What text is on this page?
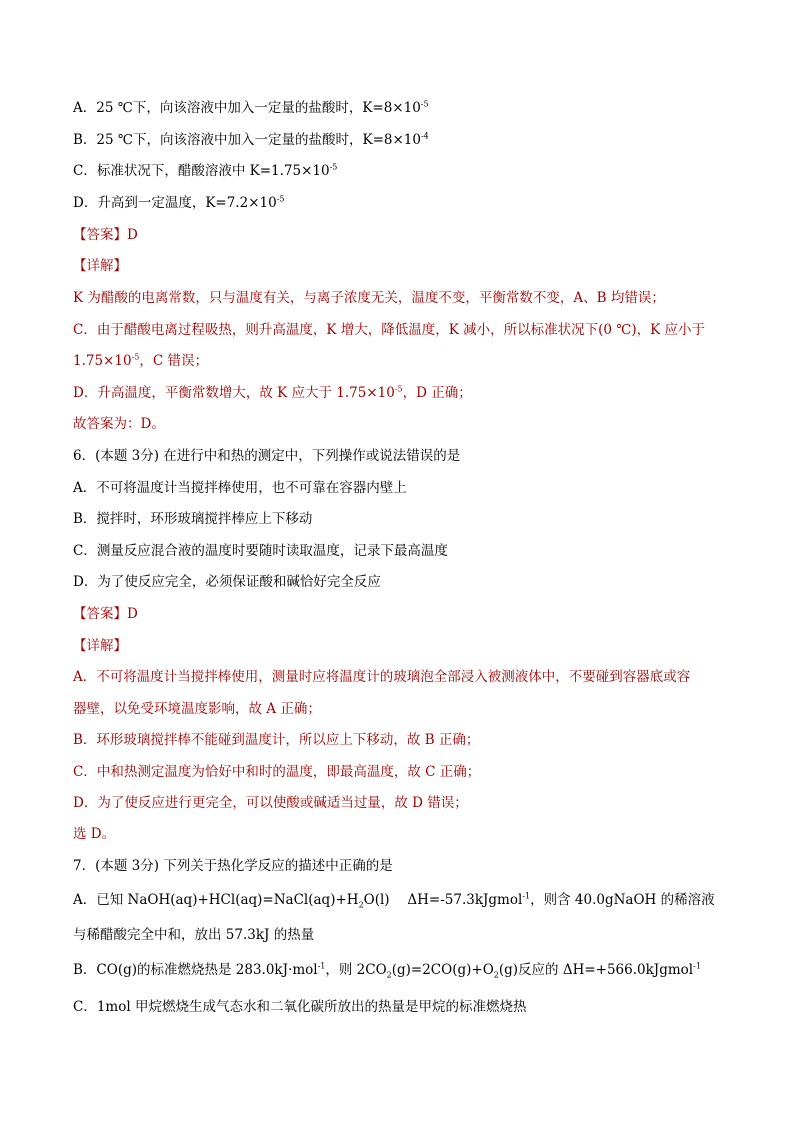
A．25 ℃下，向该溶液中加入一定量的盐酸时，$K=8\times 10^{-5}$
B．25 ℃下，向该溶液中加入一定量的盐酸时，$K=8\times 10^{-4}$
C．标准状况下，醋酸溶液中 $K=1.75\times 10^{-5}$
D．升高到一定温度，$K=7.2\times 10^{-5}$
【答案】D
【详解】
K 为醋酸的电离常数，只与温度有关，与离子浓度无关，温度不变，平衡常数不变，A、B 均错误；
C．由于醋酸电离过程吸热，则升高温度，K 增大，降低温度，K 减小，所以标准状况下(0 ℃)，K 应小于
$1.75\times 10^{-5}$，C 错误；
D．升高温度，平衡常数增大，故 K 应大于 $1.75\times 10^{-5}$，D 正确；
故答案为：D。
6．(本题 3分) 在进行中和热的测定中，下列操作或说法错误的是
A．不可将温度计当搅拌棒使用，也不可靠在容器内壁上
B．搅拌时，环形玻璃搅拌棒应上下移动
C．测量反应混合液的温度时要随时读取温度，记录下最高温度
D．为了使反应完全，必须保证酸和碱恰好完全反应
【答案】D
【详解】
A．不可将温度计当搅拌棒使用，测量时应将温度计的玻璃泡全部浸入被测液体中，不要碰到容器底或容
器壁，以免受环境温度影响，故 A 正确；
B．环形玻璃搅拌棒不能碰到温度计，所以应上下移动，故 B 正确；
C．中和热测定温度为恰好中和时的温度，即最高温度，故 C 正确；
D．为了使反应进行更完全，可以使酸或碱适当过量，故 D 错误；
选 D。
7．(本题 3分) 下列关于热化学反应的描述中正确的是
A．已知 $NaOH(aq)+HCl(aq)=NaCl(aq)+H_2O(l)$　 ΔH=-57.3kJgmol$^{-1}$，则含 40.0gNaOH 的稀溶液
与稀醋酸完全中和，放出 57.3kJ 的热量
B．CO(g)的标准燃烧热是 283.0kJ·mol$^{-1}$，则 $2CO_2(g)=2CO(g)+O_2(g)$反应的 ΔH=+566.0kJgmol$^{-1}$
C．1mol 甲烷燃烧生成气态水和二氧化碳所放出的热量是甲烷的标准燃烧热
